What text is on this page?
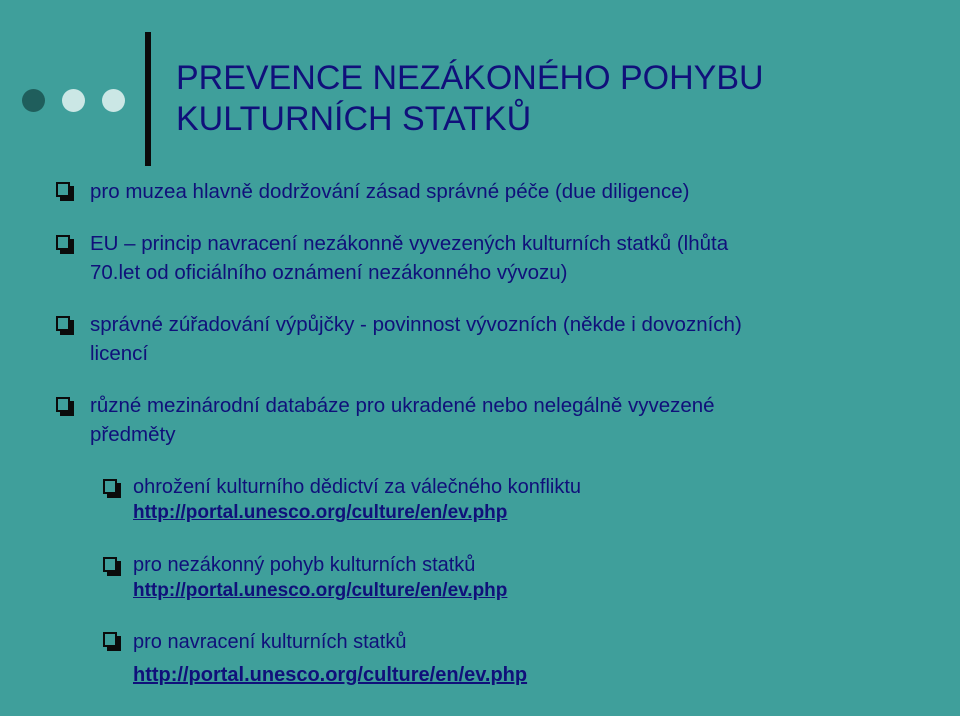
PREVENCE NEZÁKONÉHO POHYBU
KULTURNÍCH STATKŮ

pro muzea hlavně dodržování zásad správné péče (due diligence)

EU – princip navracení nezákonně vyvezených kulturních statků (lhůta
70.let od oficiálního oznámení nezákonného vývozu)

správné zúřadování výpůjčky - povinnost vývozních (někde i dovozních)
licencí

různé mezinárodní databáze pro ukradené nebo nelegálně vyvezené
předměty

ohrožení kulturního dědictví za válečného konfliktu
http://portal.unesco.org/culture/en/ev.php

pro nezákonný pohyb kulturních statků
http://portal.unesco.org/culture/en/ev.php

pro navracení kulturních statků
http://portal.unesco.org/culture/en/ev.php
